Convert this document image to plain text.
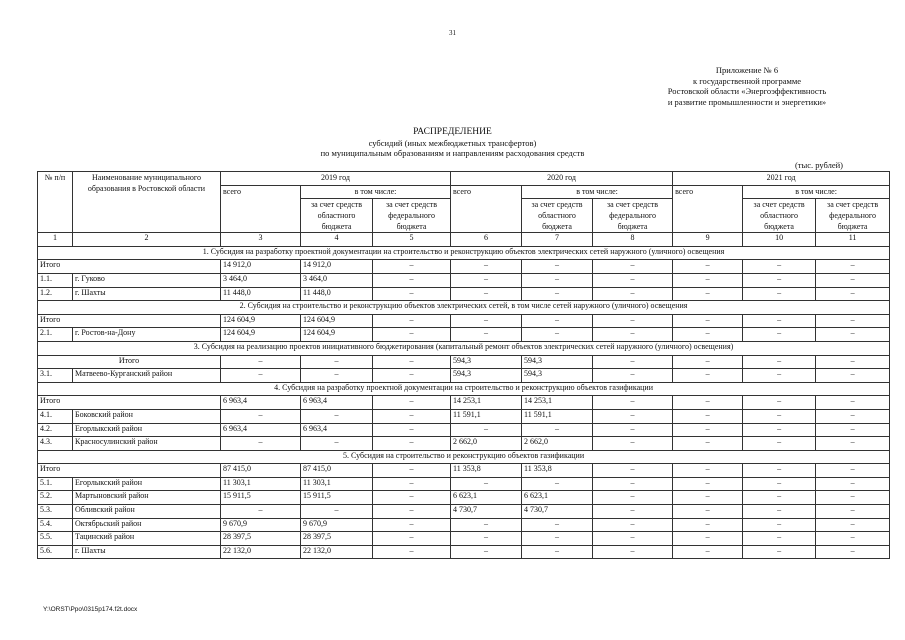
31
Приложение № 6
к государственной программе
Ростовской области «Энергоэффективность
и развитие промышленности и энергетики»
РАСПРЕДЕЛЕНИЕ
субсидий (иных межбюджетных трансфертов)
по муниципальным образованиям и направлениям расходования средств
(тыс. рублей)
№ п/п	Наименование муниципального образования в Ростовской области	2019 год			2020 год			2021 год		
		всего	в том числе:		всего	в том числе:		всего	в том числе:	
			за счет средств областного бюджета	за счет средств федерального бюджета		за счет средств областного бюджета	за счет средств федерального бюджета		за счет средств областного бюджета	за счет средств федерального бюджета
1	2	3	4	5	6	7	8	9	10	11
1. Субсидия на разработку проектной документации на строительство и реконструкцию объектов электрических сетей наружного (уличного) освещения										
Итого		14 912,0	14 912,0	–	–	–	–	–	–	–
1.1.	г. Гуково	3 464,0	3 464,0	–	–	–	–	–	–	–
1.2.	г. Шахты	11 448,0	11 448,0	–	–	–	–	–	–	–
2. Субсидия на строительство и реконструкцию объектов электрических сетей, в том числе сетей наружного (уличного) освещения										
Итого		124 604,9	124 604,9	–	–	–	–	–	–	–
2.1.	г. Ростов-на-Дону	124 604,9	124 604,9	–	–	–	–	–	–	–
3. Субсидия на реализацию проектов инициативного бюджетирования (капитальный ремонт объектов электрических сетей наружного (уличного) освещения)										
Итого		–	–	–	594,3	594,3	–	–	–	–
3.1.	Матвеево-Курганский район	–	–	–	594,3	594,3	–	–	–	–
4. Субсидия на разработку проектной документации на строительство и реконструкцию объектов газификации										
Итого		6 963,4	6 963,4	–	14 253,1	14 253,1	–	–	–	–
4.1.	Боковский район	–	–	–	11 591,1	11 591,1	–	–	–	–
4.2.	Егорлыкский район	6 963,4	6 963,4	–	–	–	–	–	–	–
4.3.	Красносулинский район	–	–	–	2 662,0	2 662,0	–	–	–	–
5. Субсидия на строительство и реконструкцию объектов газификации										
Итого		87 415,0	87 415,0	–	11 353,8	11 353,8	–	–	–	–
5.1.	Егорлыкский район	11 303,1	11 303,1	–	–	–	–	–	–	–
5.2.	Мартыновский район	15 911,5	15 911,5	–	6 623,1	6 623,1	–	–	–	–
5.3.	Обливский район	–	–	–	4 730,7	4 730,7	–	–	–	–
5.4.	Октябрьский район	9 670,9	9 670,9	–	–	–	–	–	–	–
5.5.	Тацинский район	28 397,5	28 397,5	–	–	–	–	–	–	–
5.6.	г. Шахты	22 132,0	22 132,0	–	–	–	–	–	–	–
Y:\ORST\Ppo\0315p174.f2t.docx
